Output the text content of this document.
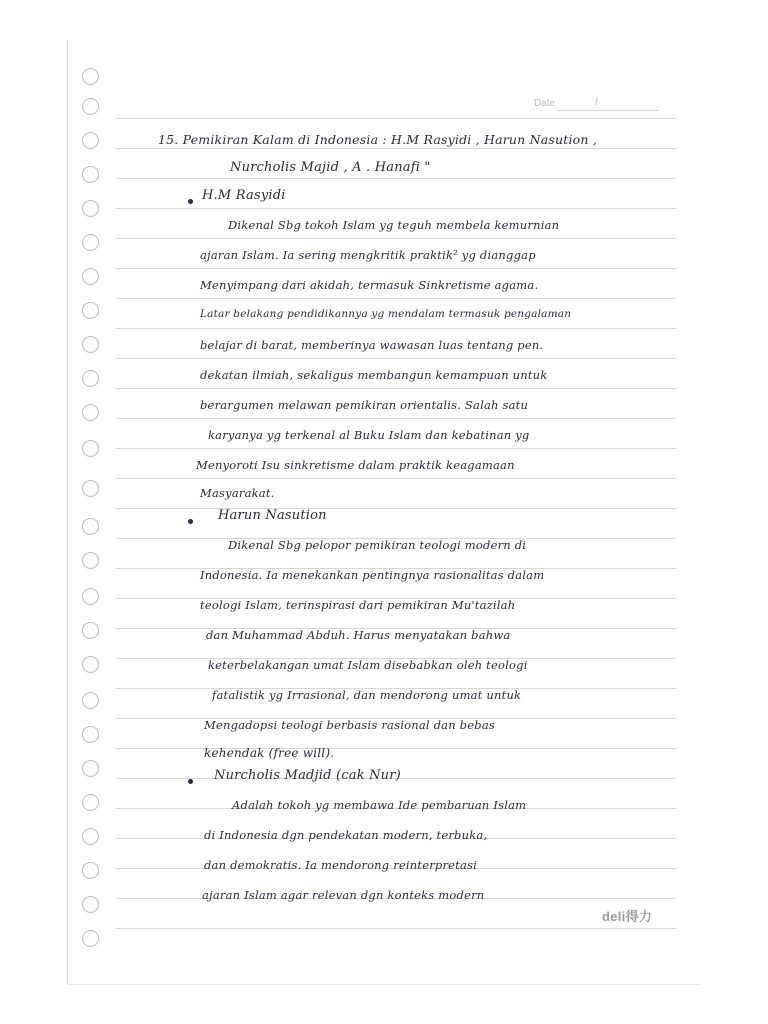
Date	/
15. Pemikiran Kalam di Indonesia : H.M Rasyidi , Harun Nasution ,
Nurcholis Majid , A . Hanafi "
H.M Rasyidi
Dikenal Sbg tokoh Islam yg teguh membela kemurnian
ajaran Islam. Ia sering mengkritik praktik² yg dianggap
Menyimpang dari akidah, termasuk Sinkretisme agama.
Latar belakang pendidikannya yg mendalam termasuk pengalaman
belajar di barat, memberinya wawasan luas tentang pen.
dekatan ilmiah, sekaligus membangun kemampuan untuk
berargumen melawan pemikiran orientalis. Salah satu
karyanya yg terkenal al Buku Islam dan kebatinan yg
Menyoroti Isu sinkretisme dalam praktik keagamaan
Masyarakat.
Harun Nasution
Dikenal Sbg pelopor pemikiran teologi modern di
Indonesia. Ia menekankan pentingnya rasionalitas dalam
teologi Islam, terinspirasi dari pemikiran Mu'tazilah
dan Muhammad Abduh. Harus menyatakan bahwa
keterbelakangan umat Islam disebabkan oleh teologi
fatalistik yg Irrasional, dan mendorong umat untuk
Mengadopsi teologi berbasis rasional dan bebas
kehendak (free will).
Nurcholis Madjid (cak Nur)
Adalah tokoh yg membawa Ide pembaruan Islam
di Indonesia dgn pendekatan modern, terbuka,
dan demokratis. Ia mendorong reinterpretasi
ajaran Islam agar relevan dgn konteks modern
deli得力
